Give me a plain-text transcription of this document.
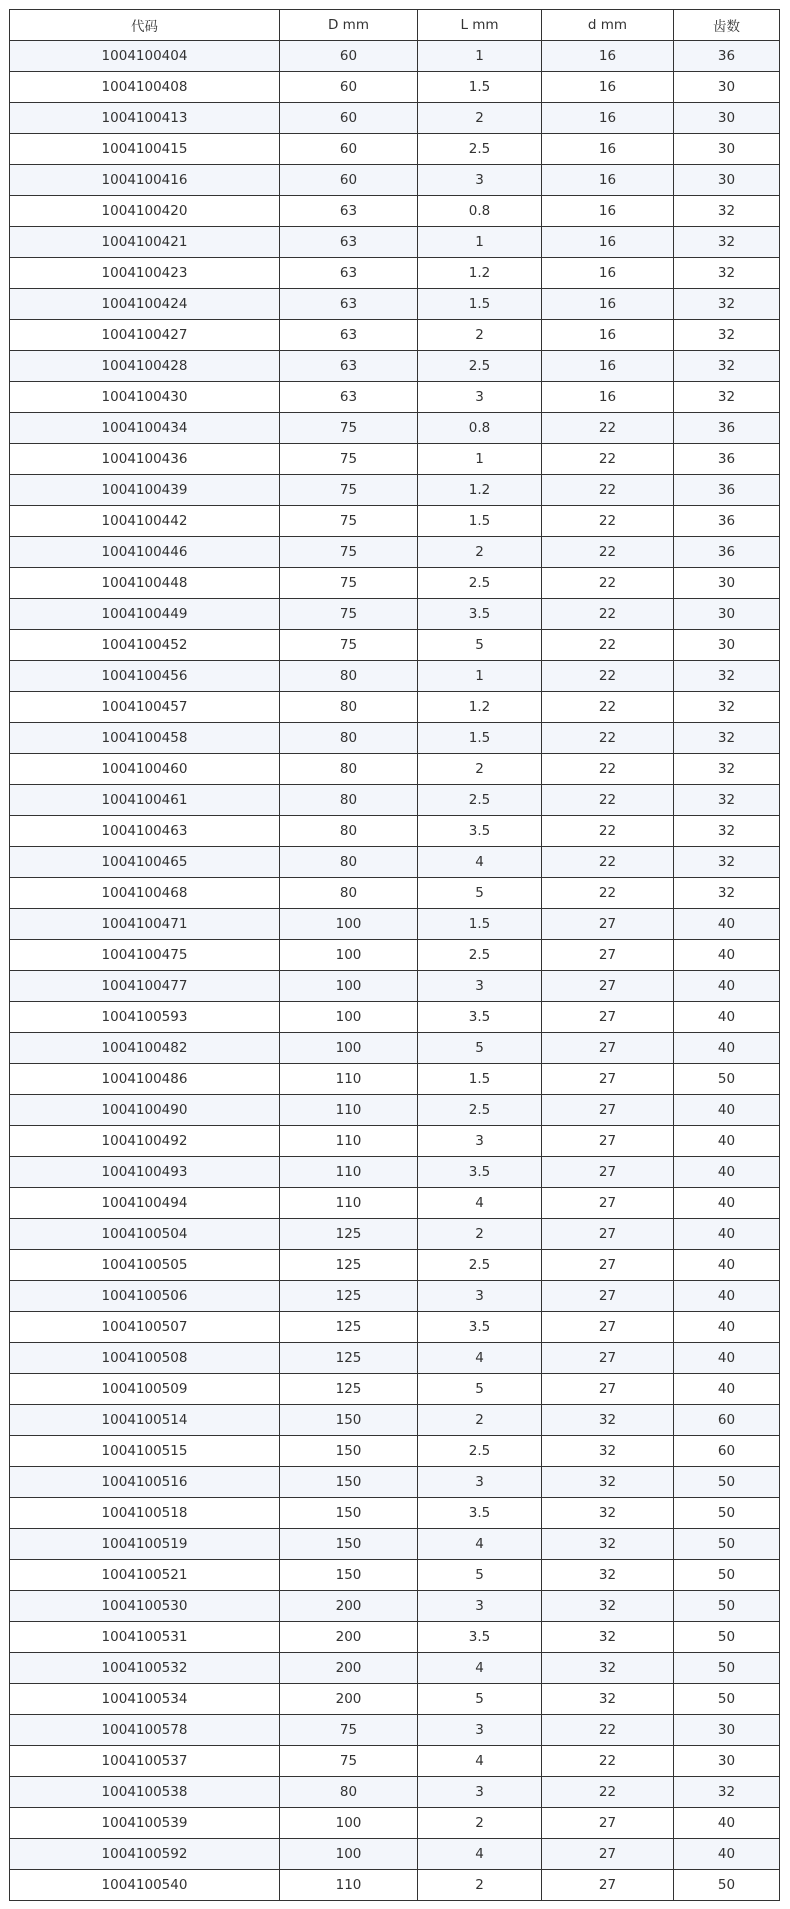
代码	D mm	L mm	d mm	齿数
1004100404	60	1	16	36
1004100408	60	1.5	16	30
1004100413	60	2	16	30
1004100415	60	2.5	16	30
1004100416	60	3	16	30
1004100420	63	0.8	16	32
1004100421	63	1	16	32
1004100423	63	1.2	16	32
1004100424	63	1.5	16	32
1004100427	63	2	16	32
1004100428	63	2.5	16	32
1004100430	63	3	16	32
1004100434	75	0.8	22	36
1004100436	75	1	22	36
1004100439	75	1.2	22	36
1004100442	75	1.5	22	36
1004100446	75	2	22	36
1004100448	75	2.5	22	30
1004100449	75	3.5	22	30
1004100452	75	5	22	30
1004100456	80	1	22	32
1004100457	80	1.2	22	32
1004100458	80	1.5	22	32
1004100460	80	2	22	32
1004100461	80	2.5	22	32
1004100463	80	3.5	22	32
1004100465	80	4	22	32
1004100468	80	5	22	32
1004100471	100	1.5	27	40
1004100475	100	2.5	27	40
1004100477	100	3	27	40
1004100593	100	3.5	27	40
1004100482	100	5	27	40
1004100486	110	1.5	27	50
1004100490	110	2.5	27	40
1004100492	110	3	27	40
1004100493	110	3.5	27	40
1004100494	110	4	27	40
1004100504	125	2	27	40
1004100505	125	2.5	27	40
1004100506	125	3	27	40
1004100507	125	3.5	27	40
1004100508	125	4	27	40
1004100509	125	5	27	40
1004100514	150	2	32	60
1004100515	150	2.5	32	60
1004100516	150	3	32	50
1004100518	150	3.5	32	50
1004100519	150	4	32	50
1004100521	150	5	32	50
1004100530	200	3	32	50
1004100531	200	3.5	32	50
1004100532	200	4	32	50
1004100534	200	5	32	50
1004100578	75	3	22	30
1004100537	75	4	22	30
1004100538	80	3	22	32
1004100539	100	2	27	40
1004100592	100	4	27	40
1004100540	110	2	27	50
